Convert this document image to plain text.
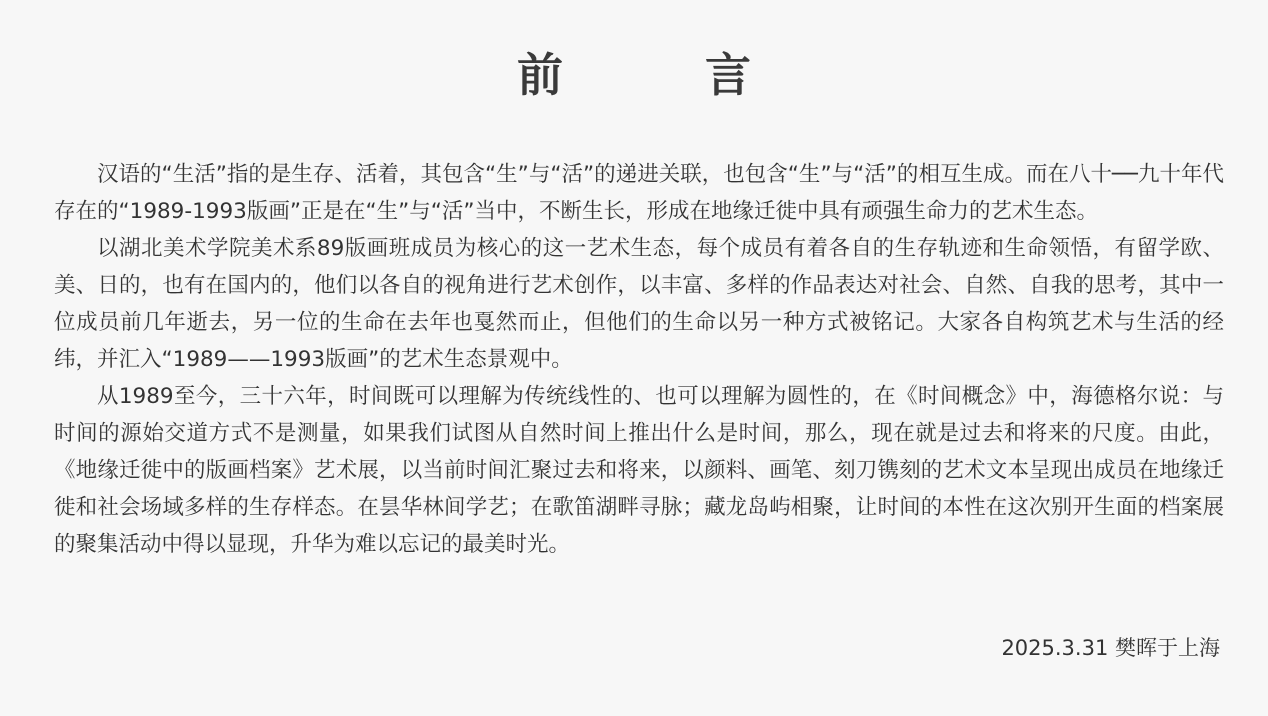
前　言

汉语的“生活”指的是生存、活着，其包含“生”与“活”的递进关联，也包含“生”与“活”的相互生成。而在八十──九十年代存在的“1989-1993版画”正是在“生”与“活”当中，不断生长，形成在地缘迁徙中具有顽强生命力的艺术生态。

以湖北美术学院美术系89版画班成员为核心的这一艺术生态，每个成员有着各自的生存轨迹和生命领悟，有留学欧、美、日的，也有在国内的，他们以各自的视角进行艺术创作，以丰富、多样的作品表达对社会、自然、自我的思考，其中一位成员前几年逝去，另一位的生命在去年也戛然而止，但他们的生命以另一种方式被铭记。大家各自构筑艺术与生活的经纬，并汇入“1989——1993版画”的艺术生态景观中。

从1989至今，三十六年，时间既可以理解为传统线性的、也可以理解为圆性的，在《时间概念》中，海德格尔说：与时间的源始交道方式不是测量，如果我们试图从自然时间上推出什么是时间，那么，现在就是过去和将来的尺度。由此，《地缘迁徙中的版画档案》艺术展，以当前时间汇聚过去和将来，以颜料、画笔、刻刀镌刻的艺术文本呈现出成员在地缘迁徙和社会场域多样的生存样态。在昙华林间学艺；在歌笛湖畔寻脉；藏龙岛屿相聚，让时间的本性在这次别开生面的档案展的聚集活动中得以显现，升华为难以忘记的最美时光。

2025.3.31 樊晖于上海
